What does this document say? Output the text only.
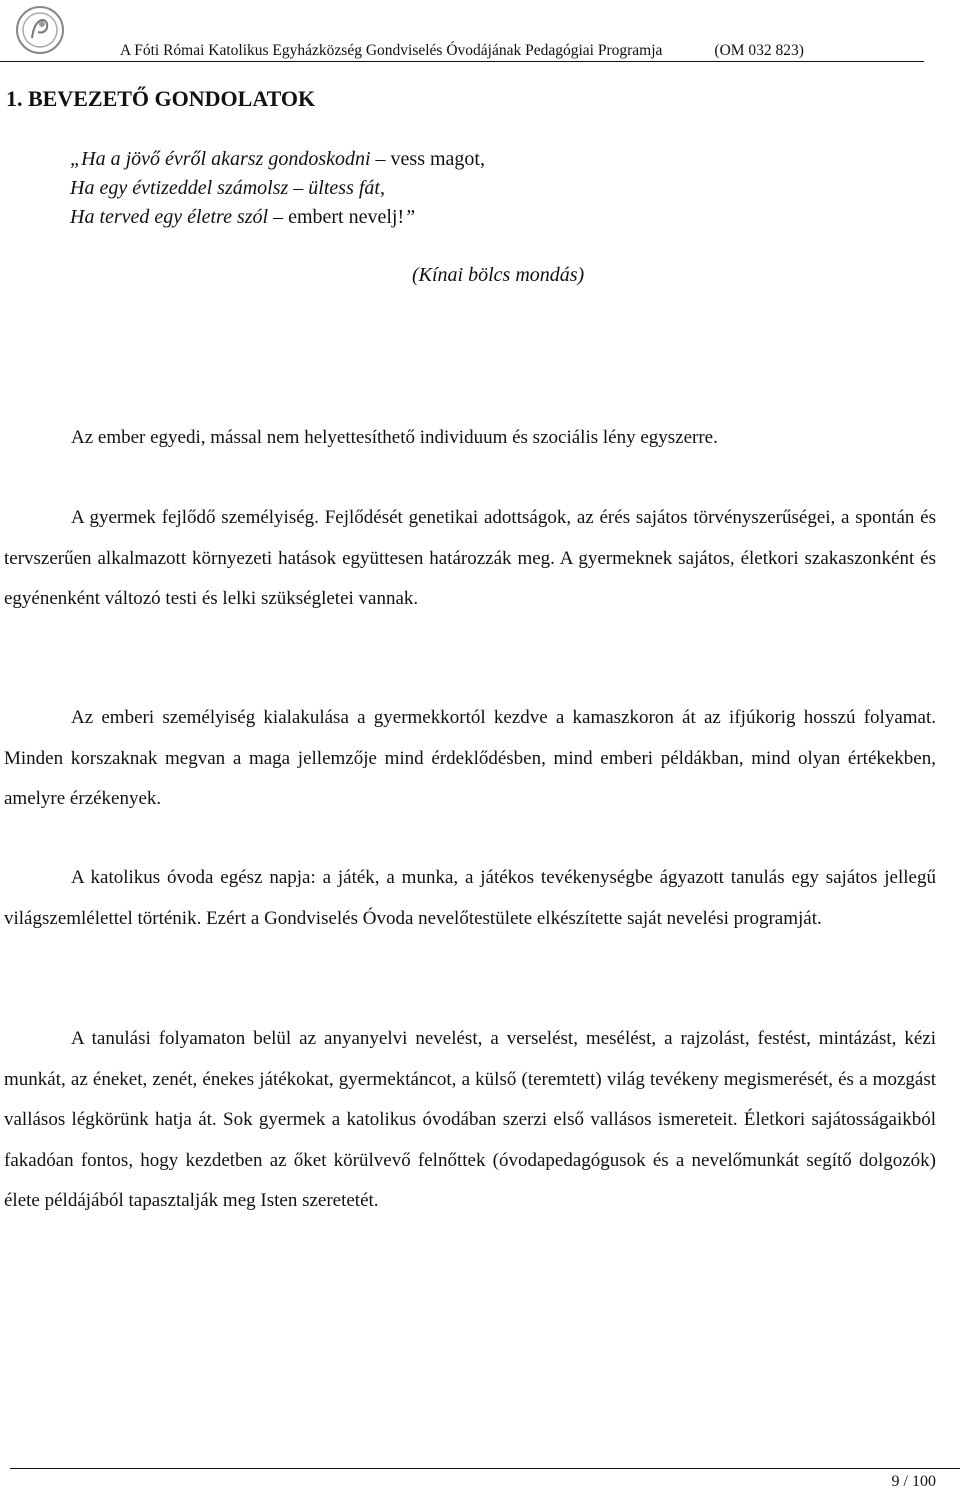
A Fóti Római Katolikus Egyházközség Gondviselés Óvodájának Pedagógiai Programja	(OM 032 823)
1. BEVEZETŐ GONDOLATOK
„Ha a jövő évről akarsz gondoskodni – vess magot,
Ha egy évtizeddel számolsz – ültess fát,
Ha terved egy életre szól – embert nevelj!”
(Kínai bölcs mondás)

Az ember egyedi, mással nem helyettesíthető individuum és szociális lény egyszerre.

A gyermek fejlődő személyiség. Fejlődését genetikai adottságok, az érés sajátos törvényszerűségei, a spontán és tervszerűen alkalmazott környezeti hatások együttesen határozzák meg. A gyermeknek sajátos, életkori szakaszonként és egyénenként változó testi és lelki szükségletei vannak.

Az emberi személyiség kialakulása a gyermekkortól kezdve a kamaszkoron át az ifjúkorig hosszú folyamat. Minden korszaknak megvan a maga jellemzője mind érdeklődésben, mind emberi példákban, mind olyan értékekben, amelyre érzékenyek.

A katolikus óvoda egész napja: a játék, a munka, a játékos tevékenységbe ágyazott tanulás egy sajátos jellegű világszemlélettel történik. Ezért a Gondviselés Óvoda nevelőtestülete elkészítette saját nevelési programját.

A tanulási folyamaton belül az anyanyelvi nevelést, a verselést, mesélést, a rajzolást, festést, mintázást, kézi munkát, az éneket, zenét, énekes játékokat, gyermektáncot, a külső (teremtett) világ tevékeny megismerését, és a mozgást vallásos légkörünk hatja át. Sok gyermek a katolikus óvodában szerzi első vallásos ismereteit. Életkori sajátosságaikból fakadóan fontos, hogy kezdetben az őket körülvevő felnőttek (óvodapedagógusok és a nevelőmunkát segítő dolgozók) élete példájából tapasztalják meg Isten szeretetét.

9 / 100
